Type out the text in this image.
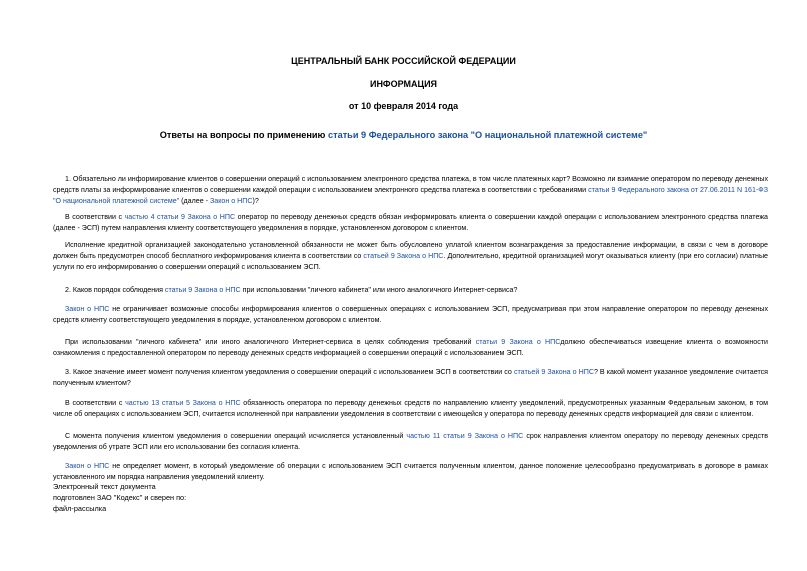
ЦЕНТРАЛЬНЫЙ БАНК РОССИЙСКОЙ ФЕДЕРАЦИИ
ИНФОРМАЦИЯ
от 10 февраля 2014 года
Ответы на вопросы по применению статьи 9 Федерального закона "О национальной платежной системе"
1. Обязательно ли информирование клиентов о совершении операций с использованием электронного средства платежа, в том числе платежных карт? Возможно ли взимание оператором по переводу денежных средств платы за информирование клиентов о совершении каждой операции с использованием электронного средства платежа в соответствии с требованиями статьи 9 Федерального закона от 27.06.2011 N 161-ФЗ "О национальной платежной системе" (далее - Закон о НПС)?
В соответствии с частью 4 статьи 9 Закона о НПС оператор по переводу денежных средств обязан информировать клиента о совершении каждой операции с использованием электронного средства платежа (далее - ЭСП) путем направления клиенту соответствующего уведомления в порядке, установленном договором с клиентом.
Исполнение кредитной организацией законодательно установленной обязанности не может быть обусловлено уплатой клиентом вознаграждения за предоставление информации, в связи с чем в договоре должен быть предусмотрен способ бесплатного информирования клиента в соответствии со статьей 9 Закона о НПС. Дополнительно, кредитной организацией могут оказываться клиенту (при его согласии) платные услуги по его информированию о совершении операций с использованием ЭСП.
2. Каков порядок соблюдения статьи 9 Закона о НПС при использовании "личного кабинета" или иного аналогичного Интернет-сервиса?
Закон о НПС не ограничивает возможные способы информирования клиентов о совершенных операциях с использованием ЭСП, предусматривая при этом направление оператором по переводу денежных средств клиенту соответствующего уведомления в порядке, установленном договором с клиентом.
При использовании "личного кабинета" или иного аналогичного Интернет-сервиса в целях соблюдения требований статьи 9 Закона о НПСдолжно обеспечиваться извещение клиента о возможности ознакомления с предоставленной оператором по переводу денежных средств информацией о совершении операций с использованием ЭСП.
3. Какое значение имеет момент получения клиентом уведомления о совершении операций с использованием ЭСП в соответствии со статьей 9 Закона о НПС? В какой момент указанное уведомление считается полученным клиентом?
В соответствии с частью 13 статьи 5 Закона о НПС обязанность оператора по переводу денежных средств по направлению клиенту уведомлений, предусмотренных указанным Федеральным законом, в том числе об операциях с использованием ЭСП, считается исполненной при направлении уведомления в соответствии с имеющейся у оператора по переводу денежных средств информацией для связи с клиентом.
С момента получения клиентом уведомления о совершении операций исчисляется установленный частью 11 статьи 9 Закона о НПС срок направления клиентом оператору по переводу денежных средств уведомления об утрате ЭСП или его использовании без согласия клиента.
Закон о НПС не определяет момент, в который уведомление об операции с использованием ЭСП считается полученным клиентом, данное положение целесообразно предусматривать в договоре в рамках установленного им порядка направления уведомлений клиенту.
Электронный текст документа
подготовлен ЗАО "Кодекс" и сверен по:
файл-рассылка
